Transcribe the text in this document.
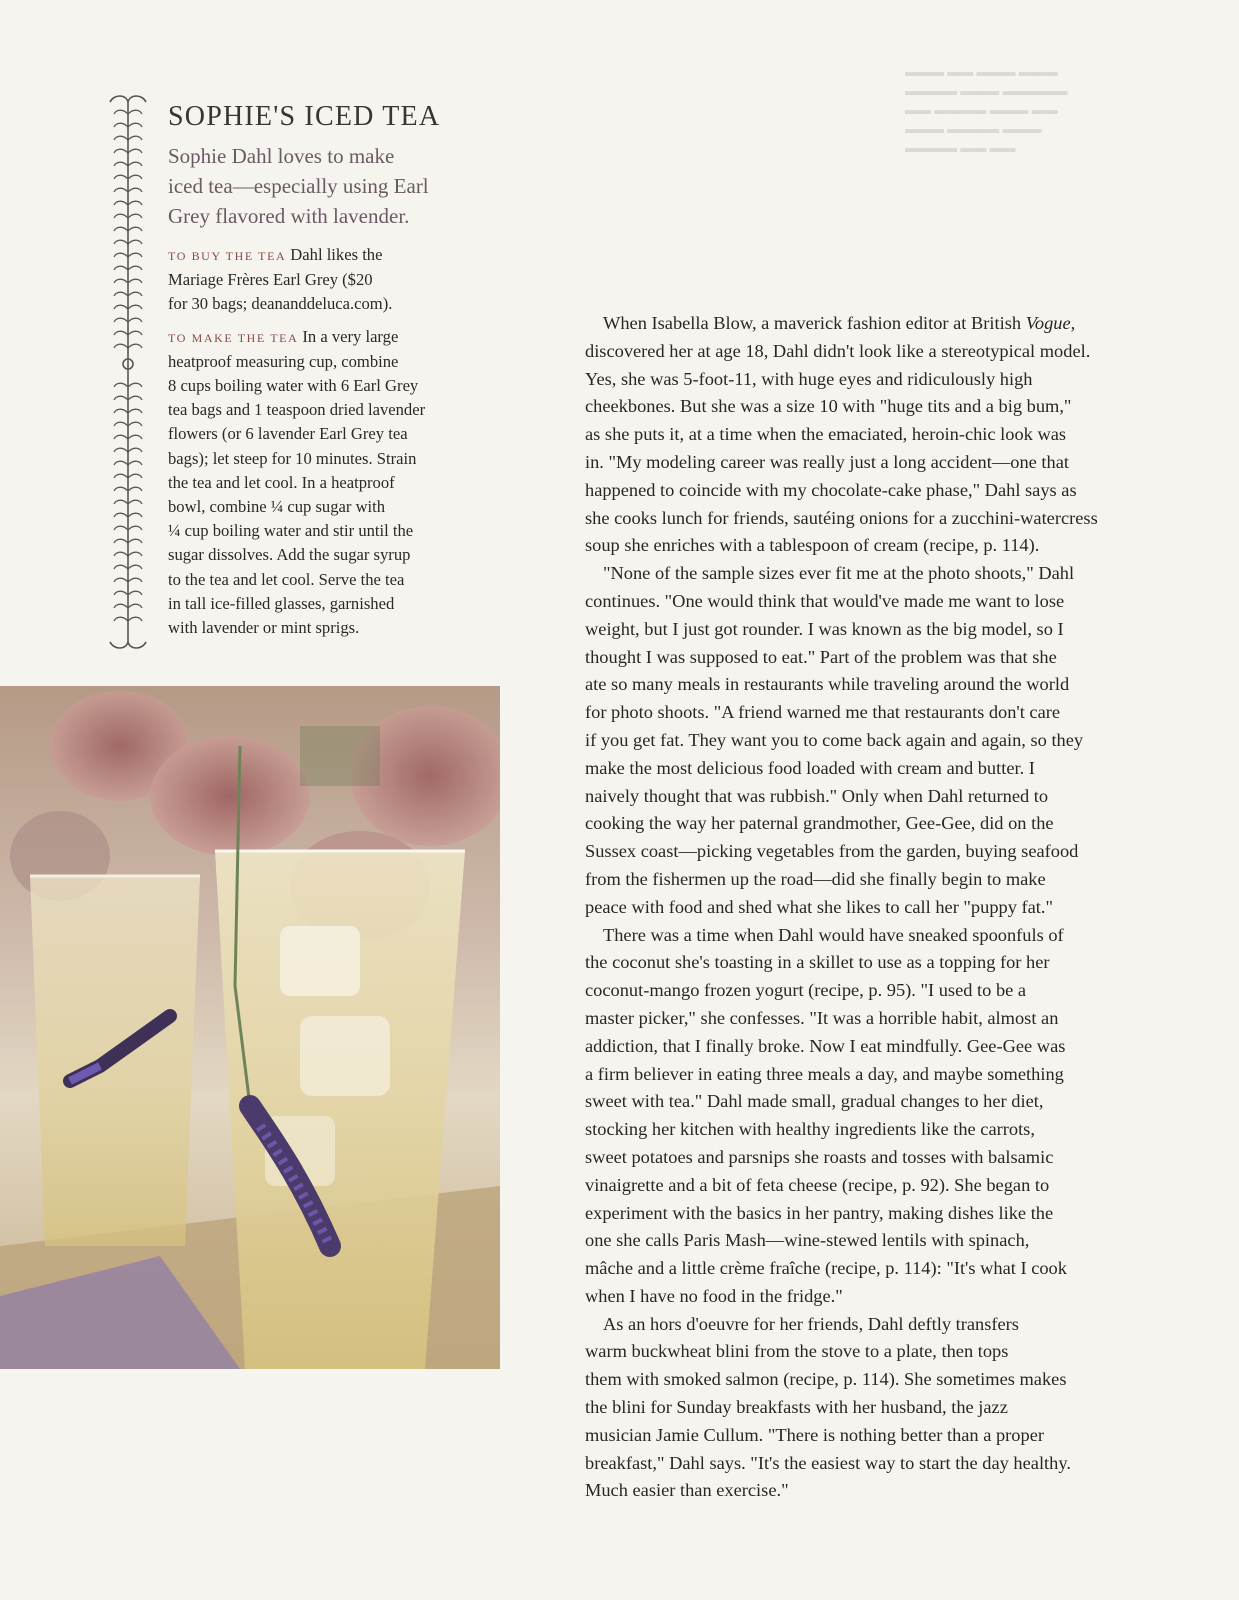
▬▬▬ ▬▬ ▬▬▬ ▬▬▬
▬▬▬▬ ▬▬▬ ▬▬▬▬▬
▬▬ ▬▬▬▬ ▬▬▬ ▬▬
▬▬▬ ▬▬▬▬ ▬▬▬
▬▬▬▬ ▬▬ ▬▬
SOPHIE'S ICED TEA
Sophie Dahl loves to make
iced tea—especially using Earl
Grey flavored with lavender.
TO BUY THE TEA Dahl likes the
Mariage Frères Earl Grey ($20
for 30 bags; deananddeluca.com).
TO MAKE THE TEA In a very large
heatproof measuring cup, combine
8 cups boiling water with 6 Earl Grey
tea bags and 1 teaspoon dried lavender
flowers (or 6 lavender Earl Grey tea
bags); let steep for 10 minutes. Strain
the tea and let cool. In a heatproof
bowl, combine ¼ cup sugar with
¼ cup boiling water and stir until the
sugar dissolves. Add the sugar syrup
to the tea and let cool. Serve the tea
in tall ice-filled glasses, garnished
with lavender or mint sprigs.

When Isabella Blow, a maverick fashion editor at British Vogue,
discovered her at age 18, Dahl didn't look like a stereotypical model.
Yes, she was 5-foot-11, with huge eyes and ridiculously high
cheekbones. But she was a size 10 with "huge tits and a big bum,"
as she puts it, at a time when the emaciated, heroin-chic look was
in. "My modeling career was really just a long accident—one that
happened to coincide with my chocolate-cake phase," Dahl says as
she cooks lunch for friends, sautéing onions for a zucchini-watercress
soup she enriches with a tablespoon of cream (recipe, p. 114).

"None of the sample sizes ever fit me at the photo shoots," Dahl
continues. "One would think that would've made me want to lose
weight, but I just got rounder. I was known as the big model, so I
thought I was supposed to eat." Part of the problem was that she
ate so many meals in restaurants while traveling around the world
for photo shoots. "A friend warned me that restaurants don't care
if you get fat. They want you to come back again and again, so they
make the most delicious food loaded with cream and butter. I
naively thought that was rubbish." Only when Dahl returned to
cooking the way her paternal grandmother, Gee-Gee, did on the
Sussex coast—picking vegetables from the garden, buying seafood
from the fishermen up the road—did she finally begin to make
peace with food and shed what she likes to call her "puppy fat."

There was a time when Dahl would have sneaked spoonfuls of
the coconut she's toasting in a skillet to use as a topping for her
coconut-mango frozen yogurt (recipe, p. 95). "I used to be a
master picker," she confesses. "It was a horrible habit, almost an
addiction, that I finally broke. Now I eat mindfully. Gee-Gee was
a firm believer in eating three meals a day, and maybe something
sweet with tea." Dahl made small, gradual changes to her diet,
stocking her kitchen with healthy ingredients like the carrots,
sweet potatoes and parsnips she roasts and tosses with balsamic
vinaigrette and a bit of feta cheese (recipe, p. 92). She began to
experiment with the basics in her pantry, making dishes like the
one she calls Paris Mash—wine-stewed lentils with spinach,
mâche and a little crème fraîche (recipe, p. 114): "It's what I cook
when I have no food in the fridge."

As an hors d'oeuvre for her friends, Dahl deftly transfers
warm buckwheat blini from the stove to a plate, then tops
them with smoked salmon (recipe, p. 114). She sometimes makes
the blini for Sunday breakfasts with her husband, the jazz
musician Jamie Cullum. "There is nothing better than a proper
breakfast," Dahl says. "It's the easiest way to start the day healthy.
Much easier than exercise."
